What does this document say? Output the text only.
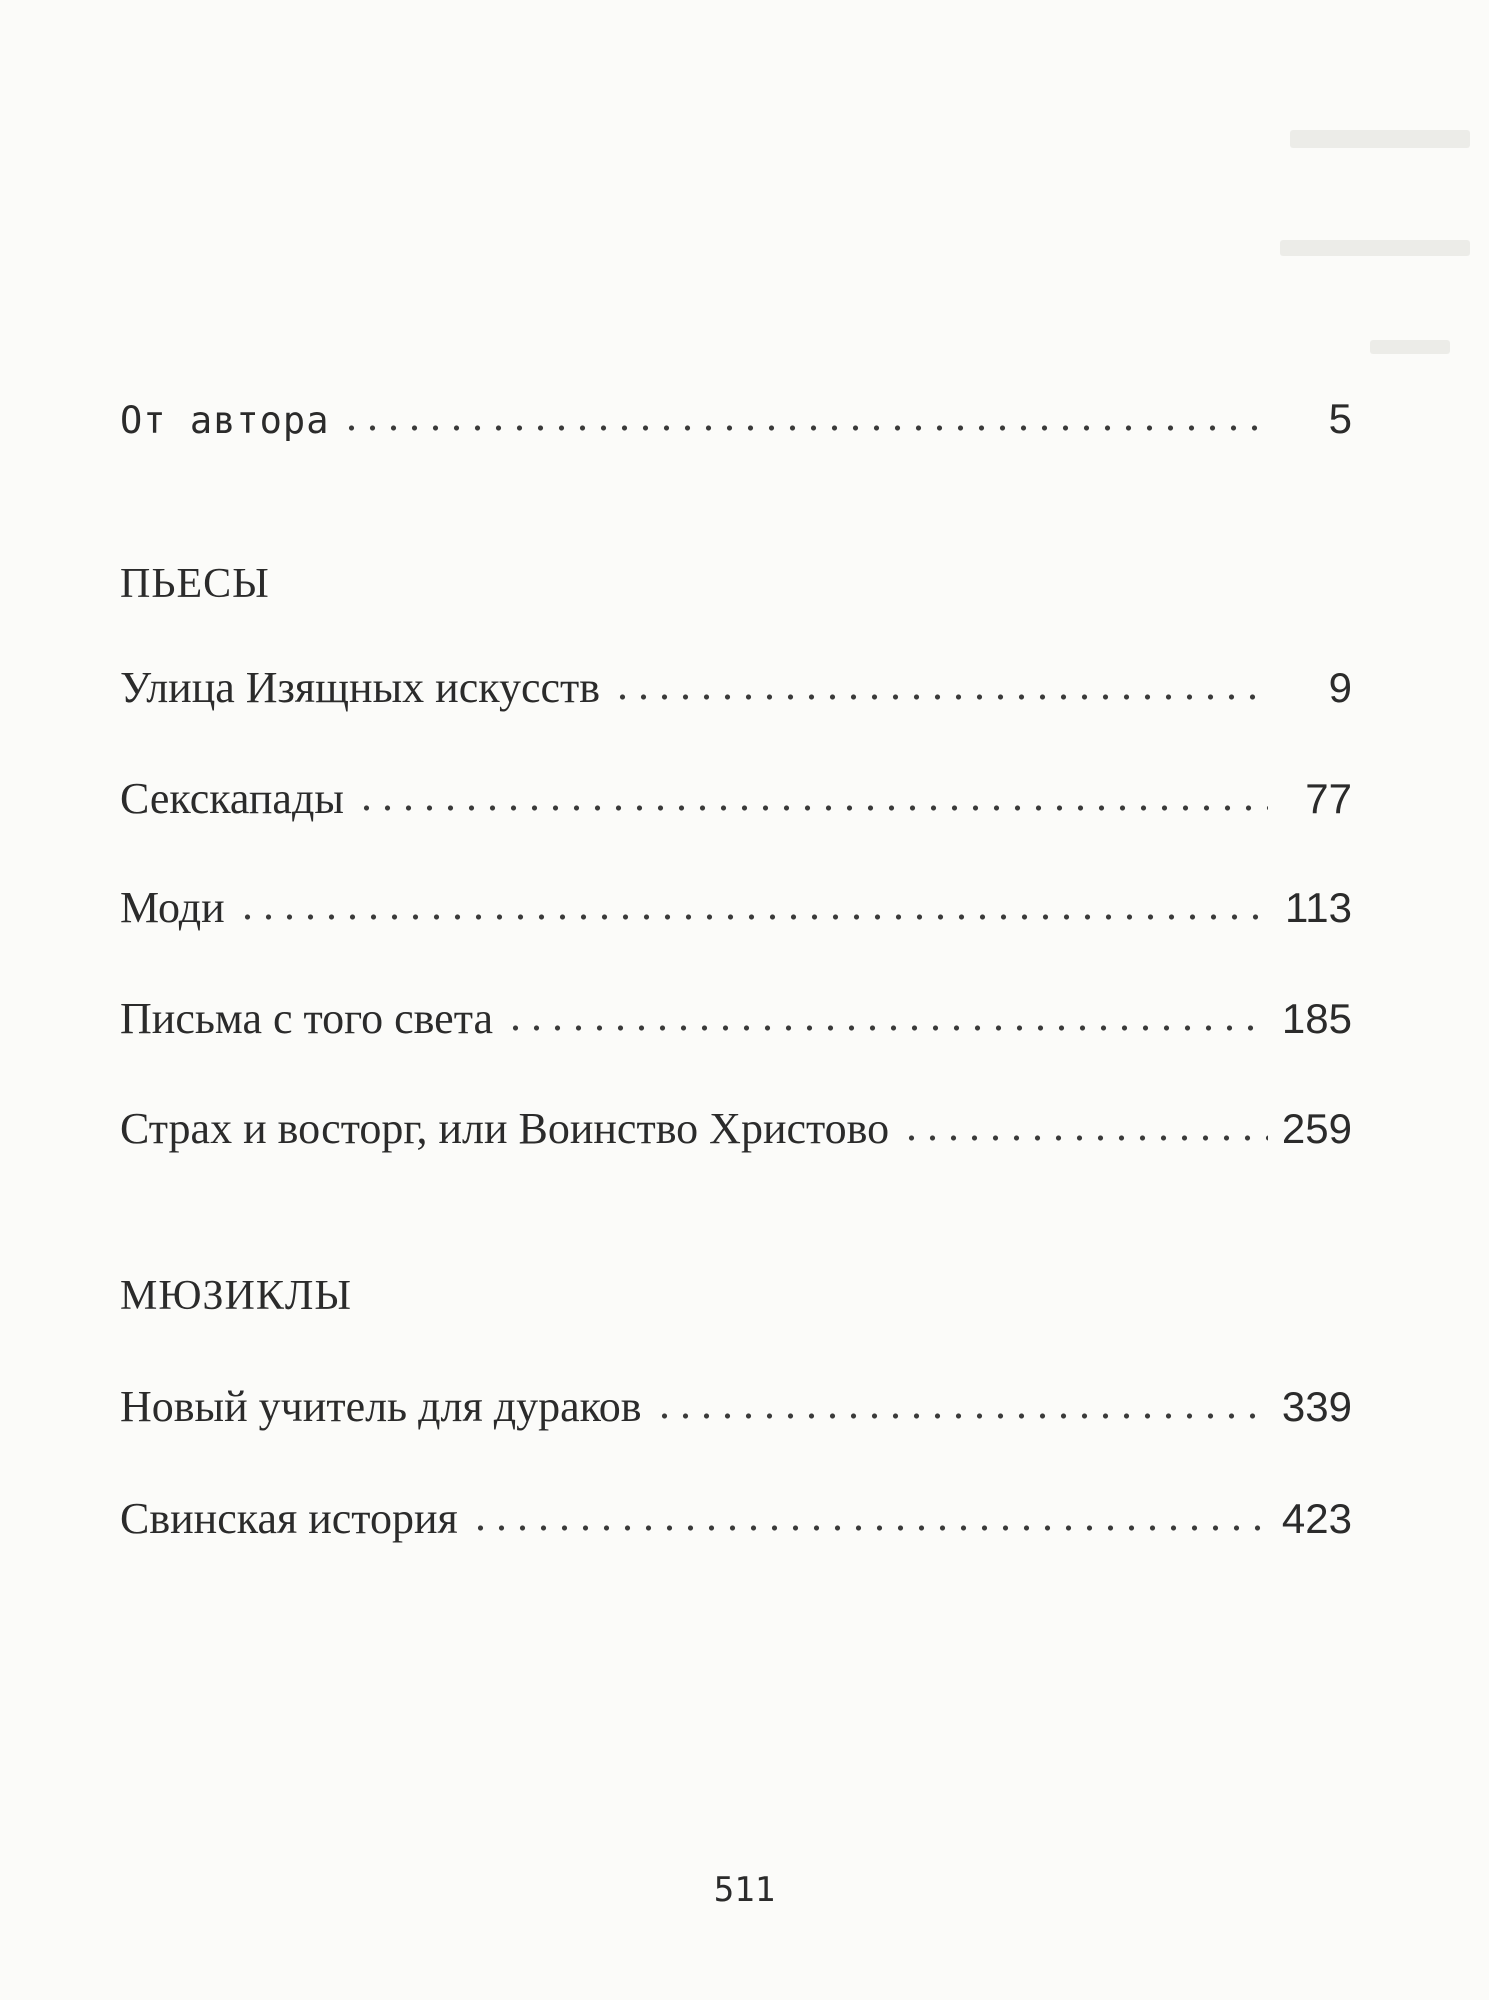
От автора	5
ПЬЕСЫ
Улица Изящных искусств	9
Секскапады	77
Моди	113
Письма с того света	185
Страх и восторг, или Воинство Христово	259
МЮЗИКЛЫ
Новый учитель для дураков	339
Свинская история	423
511
